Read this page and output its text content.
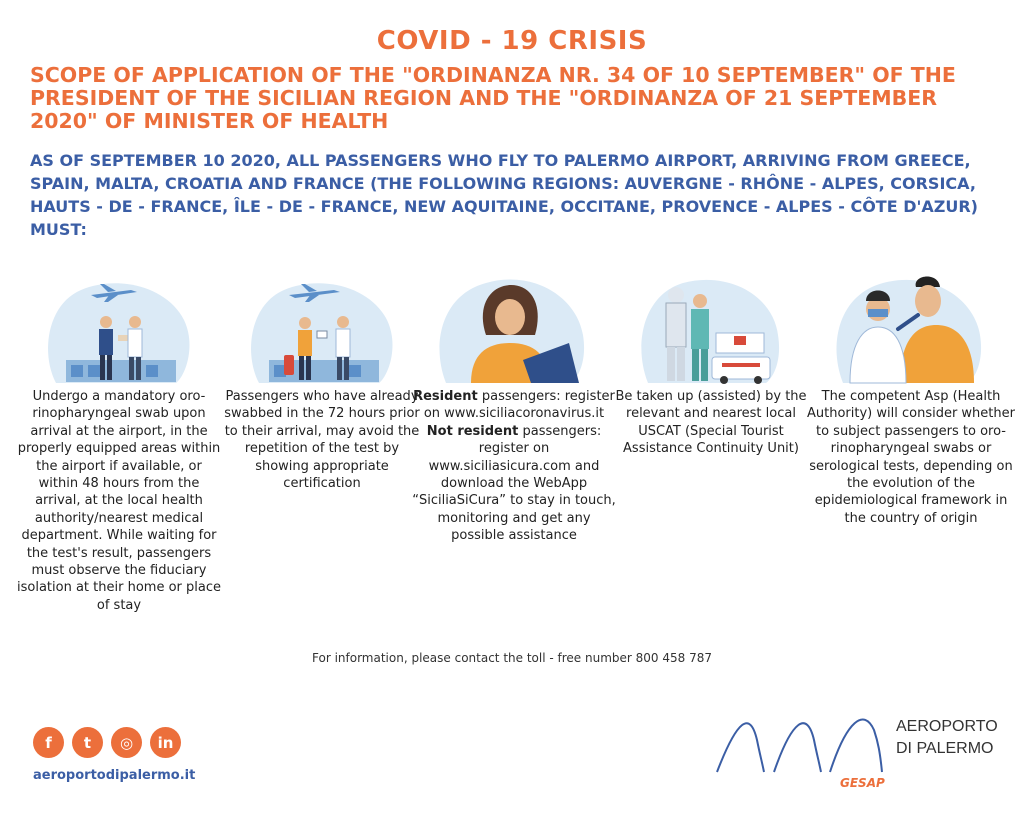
COVID - 19 CRISIS
SCOPE OF APPLICATION OF THE "ORDINANZA NR. 34 OF 10 SEPTEMBER" OF THE PRESIDENT OF THE SICILIAN REGION AND THE "ORDINANZA OF 21 SEPTEMBER 2020" OF MINISTER OF HEALTH
AS OF SEPTEMBER 10 2020, ALL PASSENGERS WHO FLY TO PALERMO AIRPORT, ARRIVING FROM GREECE, SPAIN, MALTA, CROATIA AND FRANCE (THE FOLLOWING REGIONS: AUVERGNE - RHÔNE - ALPES, CORSICA, HAUTS - DE - FRANCE, ÎLE - DE - FRANCE, NEW AQUITAINE, OCCITANE, PROVENCE - ALPES - CÔTE D'AZUR) MUST:
Undergo a mandatory oro-rinopharyngeal swab upon arrival at the airport, in the properly equipped areas within the airport if available, or within 48 hours from the arrival, at the local health authority/nearest medical department. While waiting for the test's result, passengers must observe the fiduciary isolation at their home or place of stay
Passengers who have already swabbed in the 72 hours prior to their arrival, may avoid the repetition of the test by showing appropriate certification
Resident passengers: register on www.siciliacoronavirus.it
Not resident passengers: register on www.siciliasicura.com and download the WebApp “SiciliaSiCura” to stay in touch, monitoring and get any possible assistance
Be taken up (assisted) by the relevant and nearest local USCAT (Special Tourist Assistance Continuity Unit)
The competent Asp (Health Authority) will consider whether to subject passengers to oro-rinopharyngeal swabs or serological tests, depending on the evolution of the epidemiological framework in the country of origin
For information, please contact the toll - free number 800 458 787
f	t	◎	in
aeroportodipalermo.it
AEROPORTO
DI PALERMO
GESAP
